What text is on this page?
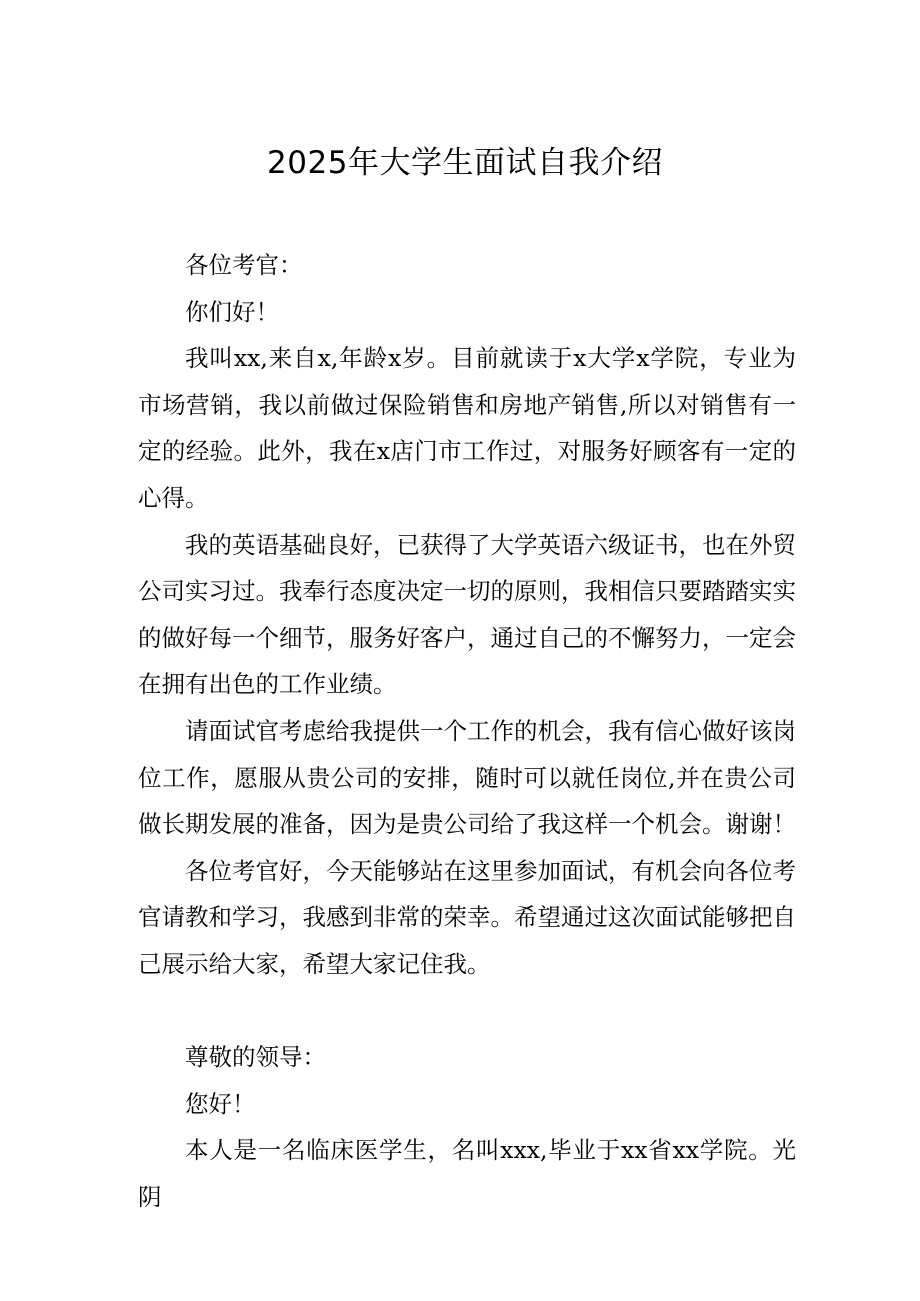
2025年大学生面试自我介绍

各位考官：

你们好！

我叫xx,来自x,年龄x岁。目前就读于x大学x学院，专业为市场营销，我以前做过保险销售和房地产销售,所以对销售有一定的经验。此外，我在x店门市工作过，对服务好顾客有一定的心得。

我的英语基础良好，已获得了大学英语六级证书，也在外贸公司实习过。我奉行态度决定一切的原则，我相信只要踏踏实实的做好每一个细节，服务好客户，通过自己的不懈努力，一定会在拥有出色的工作业绩。

请面试官考虑给我提供一个工作的机会，我有信心做好该岗位工作，愿服从贵公司的安排，随时可以就任岗位,并在贵公司做长期发展的准备，因为是贵公司给了我这样一个机会。谢谢！

各位考官好，今天能够站在这里参加面试，有机会向各位考官请教和学习，我感到非常的荣幸。希望通过这次面试能够把自己展示给大家，希望大家记住我。

尊敬的领导：

您好！

本人是一名临床医学生，名叫xxx,毕业于xx省xx学院。光阴
